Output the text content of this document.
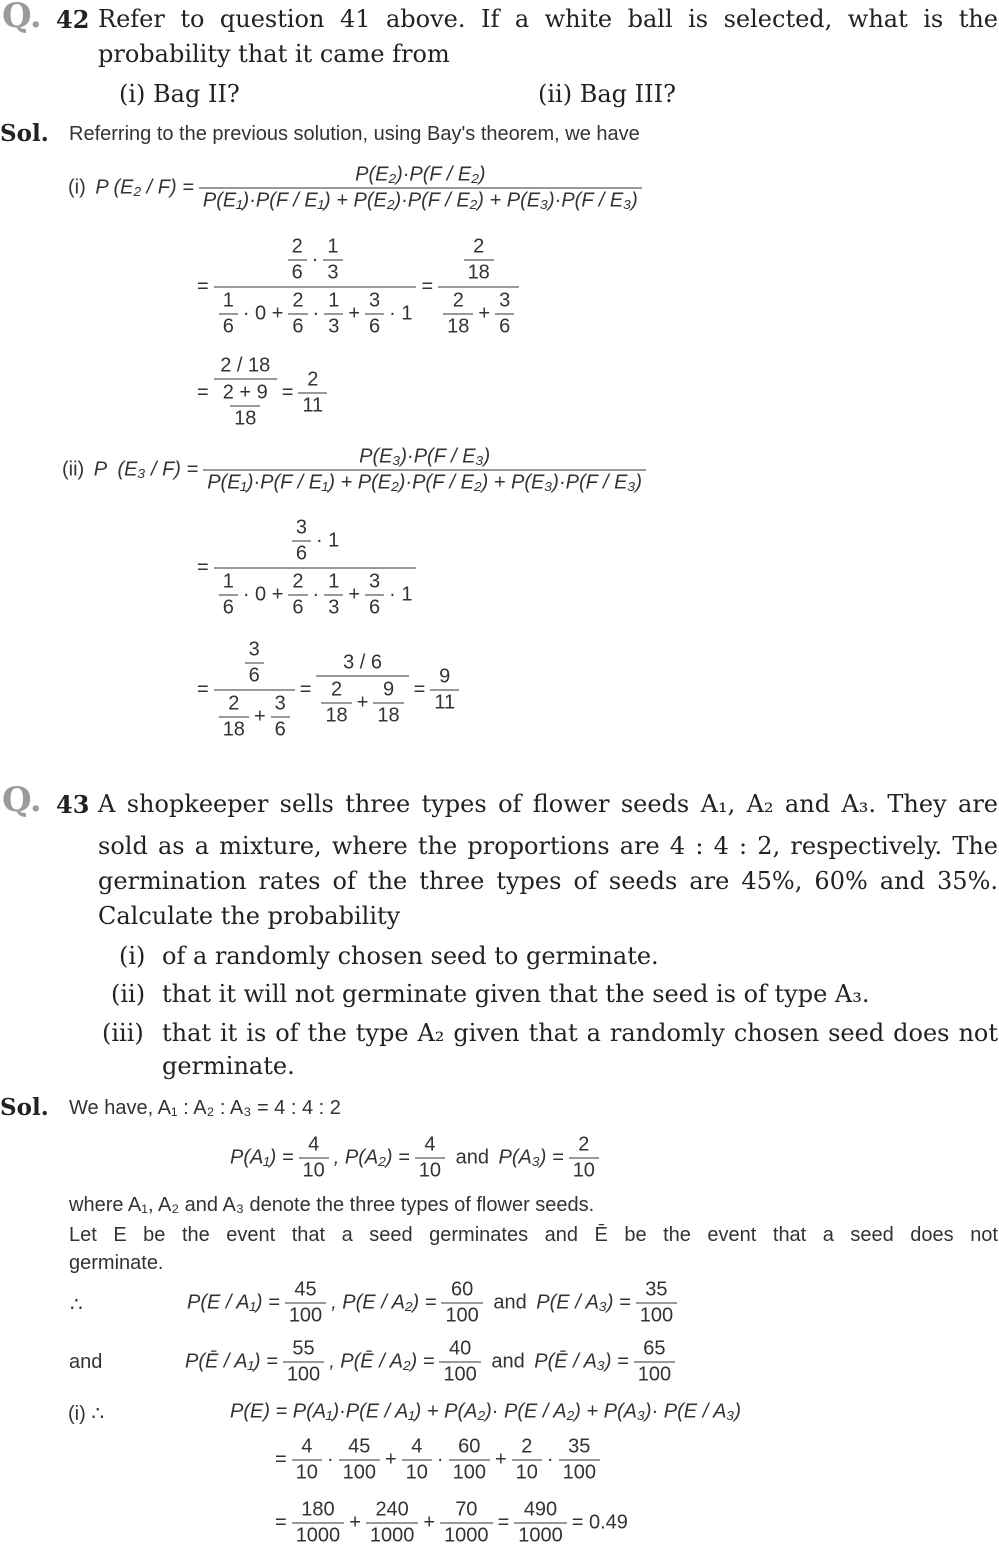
Q. 42 Refer to question 41 above. If a white ball is selected, what is the
probability that it came from
(i) Bag II?	(ii) Bag III?
Sol. Referring to the previous solution, using Bay's theorem, we have
(i) P $(E_2 / F) = \frac{\text{P(E₂)·P(F / E₂)}}{\text{P(E₁)·P(F / E₁) + P(E₂)·P(F / E₂) + P(E₃)·P(F / E₃)}}$
= $\frac{\frac{2}{6} \cdot \frac{1}{3}}{\frac{1}{6} \cdot 0 + \frac{2}{6} \cdot \frac{1}{3} + \frac{3}{6} \cdot 1} = \frac{\frac{2}{18}}{\frac{2}{18} + \frac{3}{6}}$
= $\frac{2 / 18}{\frac{2 + 9}{18}} = \frac{2}{11}$
(ii) P  $(E_3 / F) = \frac{\text{P(E₃)·P(F / E₃)}}{\text{P(E₁)·P(F / E₁) + P(E₂)·P(F / E₂) + P(E₃)·P(F / E₃)}}$
= $\frac{\frac{3}{6} \cdot 1}{\frac{1}{6} \cdot 0 + \frac{2}{6} \cdot \frac{1}{3} + \frac{3}{6} \cdot 1}$
= $\frac{\frac{3}{6}}{\frac{2}{18} + \frac{3}{6}} = \frac{3 / 6}{\frac{2}{18} + \frac{9}{18}} = \frac{9}{11}$
Q. 43 A shopkeeper sells three types of flower seeds A₁, A₂ and A₃. They are
sold as a mixture, where the proportions are 4 : 4 : 2, respectively. The
germination rates of the three types of seeds are 45%, 60% and 35%.
Calculate the probability
(i) of a randomly chosen seed to germinate.
(ii) that it will not germinate given that the seed is of type A₃.
(iii) that it is of the type A₂ given that a randomly chosen seed does not
germinate.
Sol. We have, A₁ : A₂ : A₃ = 4 : 4 : 2
$P(A_1) = \frac{4}{10}$ , $P(A_2) = \frac{4}{10}$ and $P(A_3) = \frac{2}{10}$
where A₁, A₂ and A₃ denote the three types of flower seeds.
Let E be the event that a seed germinates and Ē be the event that a seed does not
germinate.
∴	$P(E / A_1) = \frac{45}{100}$ , $P(E / A_2) = \frac{60}{100}$ and $P(E / A_3) = \frac{35}{100}$
and	P(Ē / $A_1) = \frac{55}{100}$ , P(Ē / $A_2) = \frac{40}{100}$ and P(Ē / $A_3) = \frac{65}{100}$
(i) ∴	P(E) = P(A₁)·P(E / A₁) + P(A₂)· P(E / A₂) + P(A₃)· P(E / A₃)
= $\frac{4}{10} \cdot \frac{45}{100} + \frac{4}{10} \cdot \frac{60}{100} + \frac{2}{10} \cdot \frac{35}{100}$
= $\frac{180}{1000} + \frac{240}{1000} + \frac{70}{1000} = \frac{490}{1000} = 0.49$
